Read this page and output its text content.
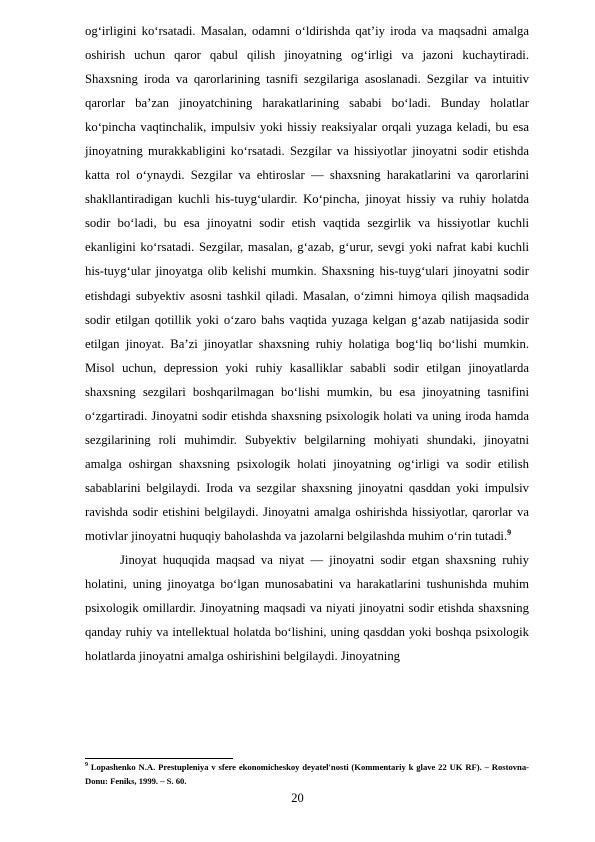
ogʻirligini koʻrsatadi. Masalan, odamni oʻldirishda qatʼiy iroda va maqsadni amalga oshirish uchun qaror qabul qilish jinoyatning ogʻirligi va jazoni kuchaytiradi. Shaxsning iroda va qarorlarining tasnifi sezgilariga asoslanadi. Sezgilar va intuitiv qarorlar baʼzan jinoyatchining harakatlarining sababi boʻladi. Bunday holatlar koʻpincha vaqtinchalik, impulsiv yoki hissiy reaksiyalar orqali yuzaga keladi, bu esa jinoyatning murakkabligini koʻrsatadi. Sezgilar va hissiyotlar jinoyatni sodir etishda katta rol oʻynaydi. Sezgilar va ehtiroslar — shaxsning harakatlarini va qarorlarini shakllantiradigan kuchli his-tuygʻulardir. Koʻpincha, jinoyat hissiy va ruhiy holatda sodir boʻladi, bu esa jinoyatni sodir etish vaqtida sezgirlik va hissiyotlar kuchli ekanligini koʻrsatadi. Sezgilar, masalan, gʻazab, gʻurur, sevgi yoki nafrat kabi kuchli his-tuygʻular jinoyatga olib kelishi mumkin. Shaxsning his-tuygʻulari jinoyatni sodir etishdagi subyektiv asosni tashkil qiladi. Masalan, oʻzimni himoya qilish maqsadida sodir etilgan qotillik yoki oʻzaro bahs vaqtida yuzaga kelgan gʻazab natijasida sodir etilgan jinoyat. Baʼzi jinoyatlar shaxsning ruhiy holatiga bogʻliq boʻlishi mumkin. Misol uchun, depression yoki ruhiy kasalliklar sababli sodir etilgan jinoyatlarda shaxsning sezgilari boshqarilmagan boʻlishi mumkin, bu esa jinoyatning tasnifini oʻzgartiradi. Jinoyatni sodir etishda shaxsning psixologik holati va uning iroda hamda sezgilarining roli muhimdir. Subyektiv belgilarning mohiyati shundaki, jinoyatni amalga oshirgan shaxsning psixologik holati jinoyatning ogʻirligi va sodir etilish sabablarini belgilaydi. Iroda va sezgilar shaxsning jinoyatni qasddan yoki impulsiv ravishda sodir etishini belgilaydi. Jinoyatni amalga oshirishda hissiyotlar, qarorlar va motivlar jinoyatni huquqiy baholashda va jazolarni belgilashda muhim oʻrin tutadi.$^9$

Jinoyat huquqida maqsad va niyat — jinoyatni sodir etgan shaxsning ruhiy holatini, uning jinoyatga boʻlgan munosabatini va harakatlarini tushunishda muhim psixologik omillardir. Jinoyatning maqsadi va niyati jinoyatni sodir etishda shaxsning qanday ruhiy va intellektual holatda boʻlishini, uning qasddan yoki boshqa psixologik holatlarda jinoyatni amalga oshirishini belgilaydi. Jinoyatning

$^9$ Lopashenko N.A. Prestupleniya v sfere ekonomicheskoy deyatel'nosti (Kommentariy k glave 22 UK RF). – Rostovna-Donu: Feniks, 1999. – S. 60.
20
